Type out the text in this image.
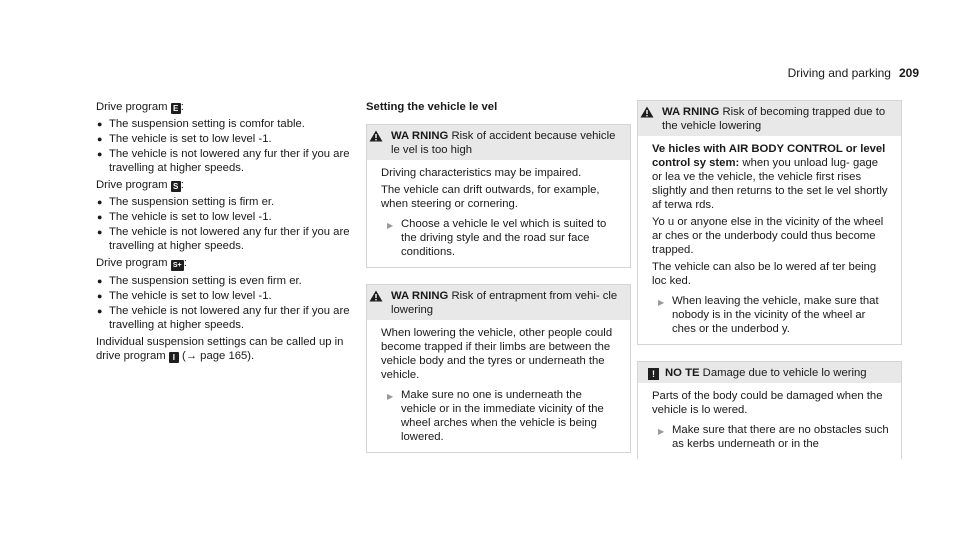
Driving and parking 209

Drive program E :

● The suspension setting is comfor table.
● The vehicle is set to low level -1.
● The vehicle is not lowered any fur ther if you are travelling at higher speeds.

Drive program S :

● The suspension setting is firm er.
● The vehicle is set to low level -1.
● The vehicle is not lowered any fur ther if you are travelling at higher speeds.

Drive program S+ :

● The suspension setting is even firm er.
● The vehicle is set to low level -1.
● The vehicle is not lowered any fur ther if you are travelling at higher speeds.

Individual suspension settings can be called up in drive program I (→ page 165).

Setting the vehicle le vel
WA RNING Risk of accident because vehicle le vel is too high

Driving characteristics may be impaired.

The vehicle can drift outwards, for example, when steering or cornering.

▶ Choose a vehicle le vel which is suited to the driving style and the road sur face conditions.
WA RNING Risk of entrapment from vehi- cle lowering

When lowering the vehicle, other people could become trapped if their limbs are between the vehicle body and the tyres or underneath the vehicle.

▶ Make sure no one is underneath the vehicle or in the immediate vicinity of the wheel arches when the vehicle is being lowered.
WA RNING Risk of becoming trapped due to the vehicle lowering

Ve hicles with AIR BODY CONTROL or level control sy stem: when you unload lug- gage or lea ve the vehicle, the vehicle first rises slightly and then returns to the set le vel shortly af terwa rds.

Yo u or anyone else in the vicinity of the wheel ar ches or the underbody could thus become trapped.

The vehicle can also be lo wered af ter being loc ked.

▶ When leaving the vehicle, make sure that nobody is in the vicinity of the wheel ar ches or the underbod y.
! NO TE Damage due to vehicle lo wering

Parts of the body could be damaged when the vehicle is lo wered.

▶ Make sure that there are no obstacles such as kerbs underneath or in the
